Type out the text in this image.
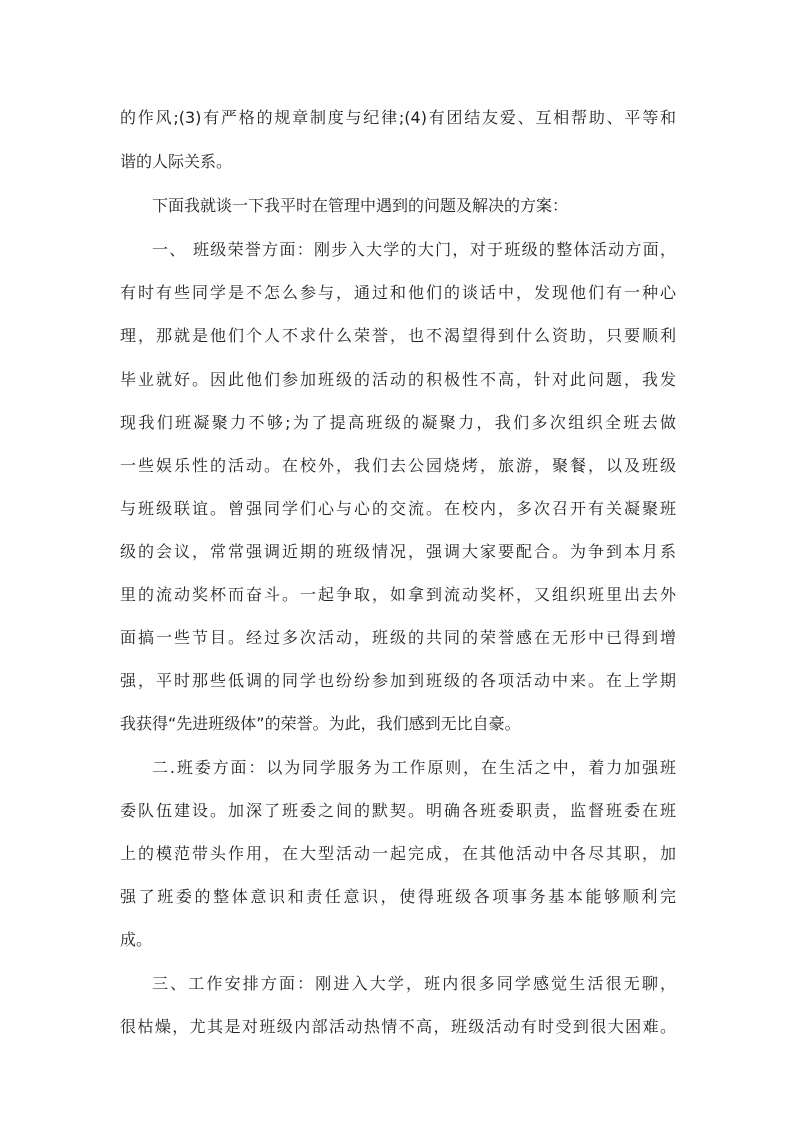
的作风;(3)有严格的规章制度与纪律;(4)有团结友爱、互相帮助、平等和
谐的人际关系。
下面我就谈一下我平时在管理中遇到的问题及解决的方案：
一、 班级荣誉方面：刚步入大学的大门，对于班级的整体活动方面，
有时有些同学是不怎么参与，通过和他们的谈话中，发现他们有一种心
理，那就是他们个人不求什么荣誉，也不渴望得到什么资助，只要顺利
毕业就好。因此他们参加班级的活动的积极性不高，针对此问题，我发
现我们班凝聚力不够;为了提高班级的凝聚力，我们多次组织全班去做
一些娱乐性的活动。在校外，我们去公园烧烤，旅游，聚餐，以及班级
与班级联谊。曾强同学们心与心的交流。在校内，多次召开有关凝聚班
级的会议，常常强调近期的班级情况，强调大家要配合。为争到本月系
里的流动奖杯而奋斗。一起争取，如拿到流动奖杯，又组织班里出去外
面搞一些节目。经过多次活动，班级的共同的荣誉感在无形中已得到增
强，平时那些低调的同学也纷纷参加到班级的各项活动中来。在上学期
我获得“先进班级体”的荣誉。为此，我们感到无比自豪。
二.班委方面：以为同学服务为工作原则，在生活之中，着力加强班
委队伍建设。加深了班委之间的默契。明确各班委职责，监督班委在班
上的模范带头作用，在大型活动一起完成，在其他活动中各尽其职，加
强了班委的整体意识和责任意识，使得班级各项事务基本能够顺利完
成。
三、工作安排方面：刚进入大学，班内很多同学感觉生活很无聊，
很枯燥，尤其是对班级内部活动热情不高，班级活动有时受到很大困难。
